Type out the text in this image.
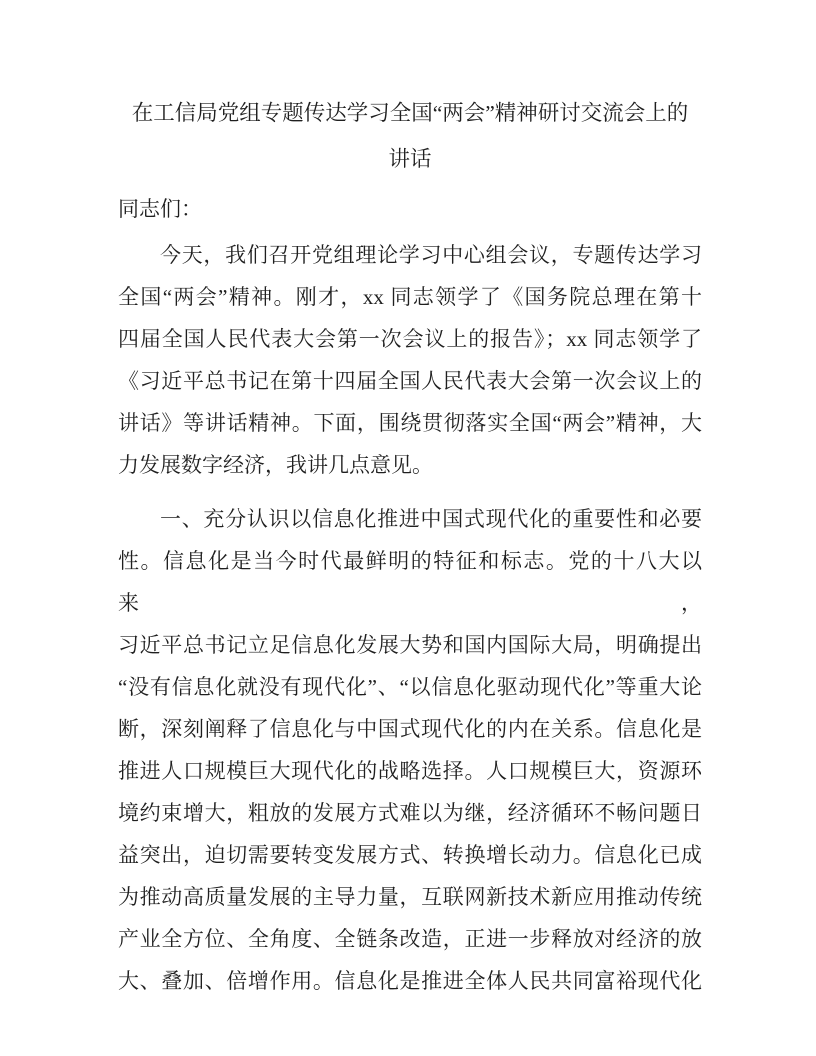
在工信局党组专题传达学习全国“两会”精神研讨交流会上的
讲话

同志们：

今天，我们召开党组理论学习中心组会议，专题传达学习

全国“两会”精神。刚才，xx 同志领学了《国务院总理在第十

四届全国人民代表大会第一次会议上的报告》；xx 同志领学了

《习近平总书记在第十四届全国人民代表大会第一次会议上的

讲话》等讲话精神。下面，围绕贯彻落实全国“两会”精神，大

力发展数字经济，我讲几点意见。

一、充分认识以信息化推进中国式现代化的重要性和必要

性。信息化是当今时代最鲜明的特征和标志。党的十八大以来，

习近平总书记立足信息化发展大势和国内国际大局，明确提出

“没有信息化就没有现代化”、“以信息化驱动现代化”等重大论

断，深刻阐释了信息化与中国式现代化的内在关系。信息化是

推进人口规模巨大现代化的战略选择。人口规模巨大，资源环

境约束增大，粗放的发展方式难以为继，经济循环不畅问题日

益突出，迫切需要转变发展方式、转换增长动力。信息化已成

为推动高质量发展的主导力量，互联网新技术新应用推动传统

产业全方位、全角度、全链条改造，正进一步释放对经济的放

大、叠加、倍增作用。信息化是推进全体人民共同富裕现代化
